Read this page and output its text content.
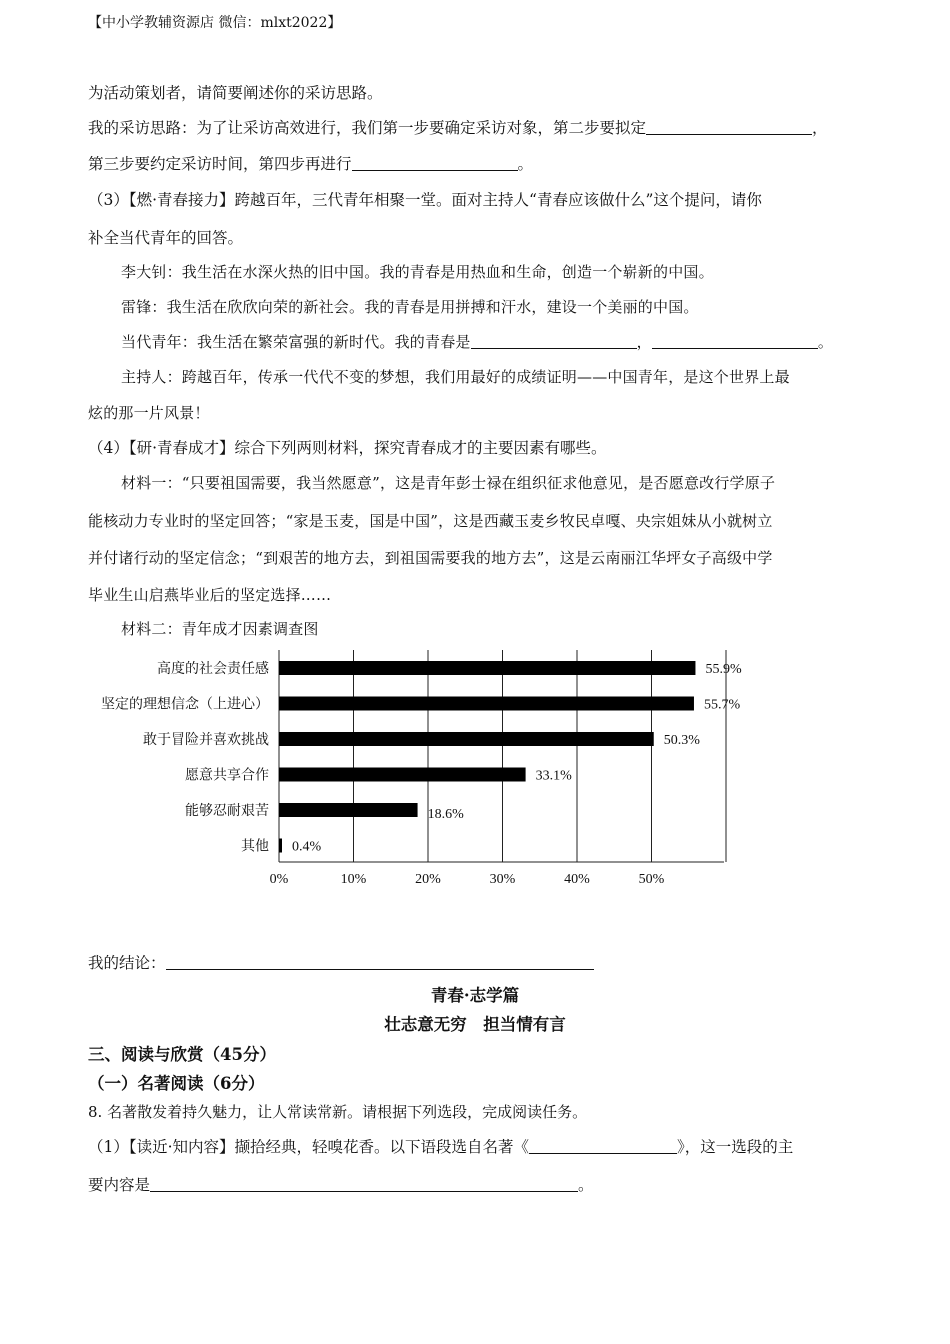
【中小学教辅资源店 微信：mlxt2022】
为活动策划者，请简要阐述你的采访思路。
我的采访思路：为了让采访高效进行，我们第一步要确定采访对象，第二步要拟定	，
第三步要约定采访时间，第四步再进行	。
（3）【燃·青春接力】跨越百年，三代青年相聚一堂。面对主持人“青春应该做什么”这个提问，请你
补全当代青年的回答。
李大钊：我生活在水深火热的旧中国。我的青春是用热血和生命，创造一个崭新的中国。
雷锋：我生活在欣欣向荣的新社会。我的青春是用拼搏和汗水，建设一个美丽的中国。
当代青年：我生活在繁荣富强的新时代。我的青春是	，	。
主持人：跨越百年，传承一代代不变的梦想，我们用最好的成绩证明——中国青年，是这个世界上最
炫的那一片风景！
（4）【研·青春成才】综合下列两则材料，探究青春成才的主要因素有哪些。
材料一：“只要祖国需要，我当然愿意”，这是青年彭士禄在组织征求他意见，是否愿意改行学原子
能核动力专业时的坚定回答；“家是玉麦，国是中国”，这是西藏玉麦乡牧民卓嘎、央宗姐妹从小就树立
并付诸行动的坚定信念；“到艰苦的地方去，到祖国需要我的地方去”，这是云南丽江华坪女子高级中学
毕业生山启燕毕业后的坚定选择……
材料二：青年成才因素调查图
0%	10%	20%	30%	40%	50%
高度的社会责任感	55.9%
坚定的理想信念（上进心）	55.7%
敢于冒险并喜欢挑战	50.3%
愿意共享合作	33.1%
能够忍耐艰苦	18.6%
其他 0.4%
我的结论：
青春·志学篇
壮志意无穷　担当情有言
三、阅读与欣赏（45分）
（一）名著阅读（6分）
8. 名著散发着持久魅力，让人常读常新。请根据下列选段，完成阅读任务。
（1）【读近·知内容】撷拾经典，轻嗅花香。以下语段选自名著《	》，这一选段的主
要内容是	。
